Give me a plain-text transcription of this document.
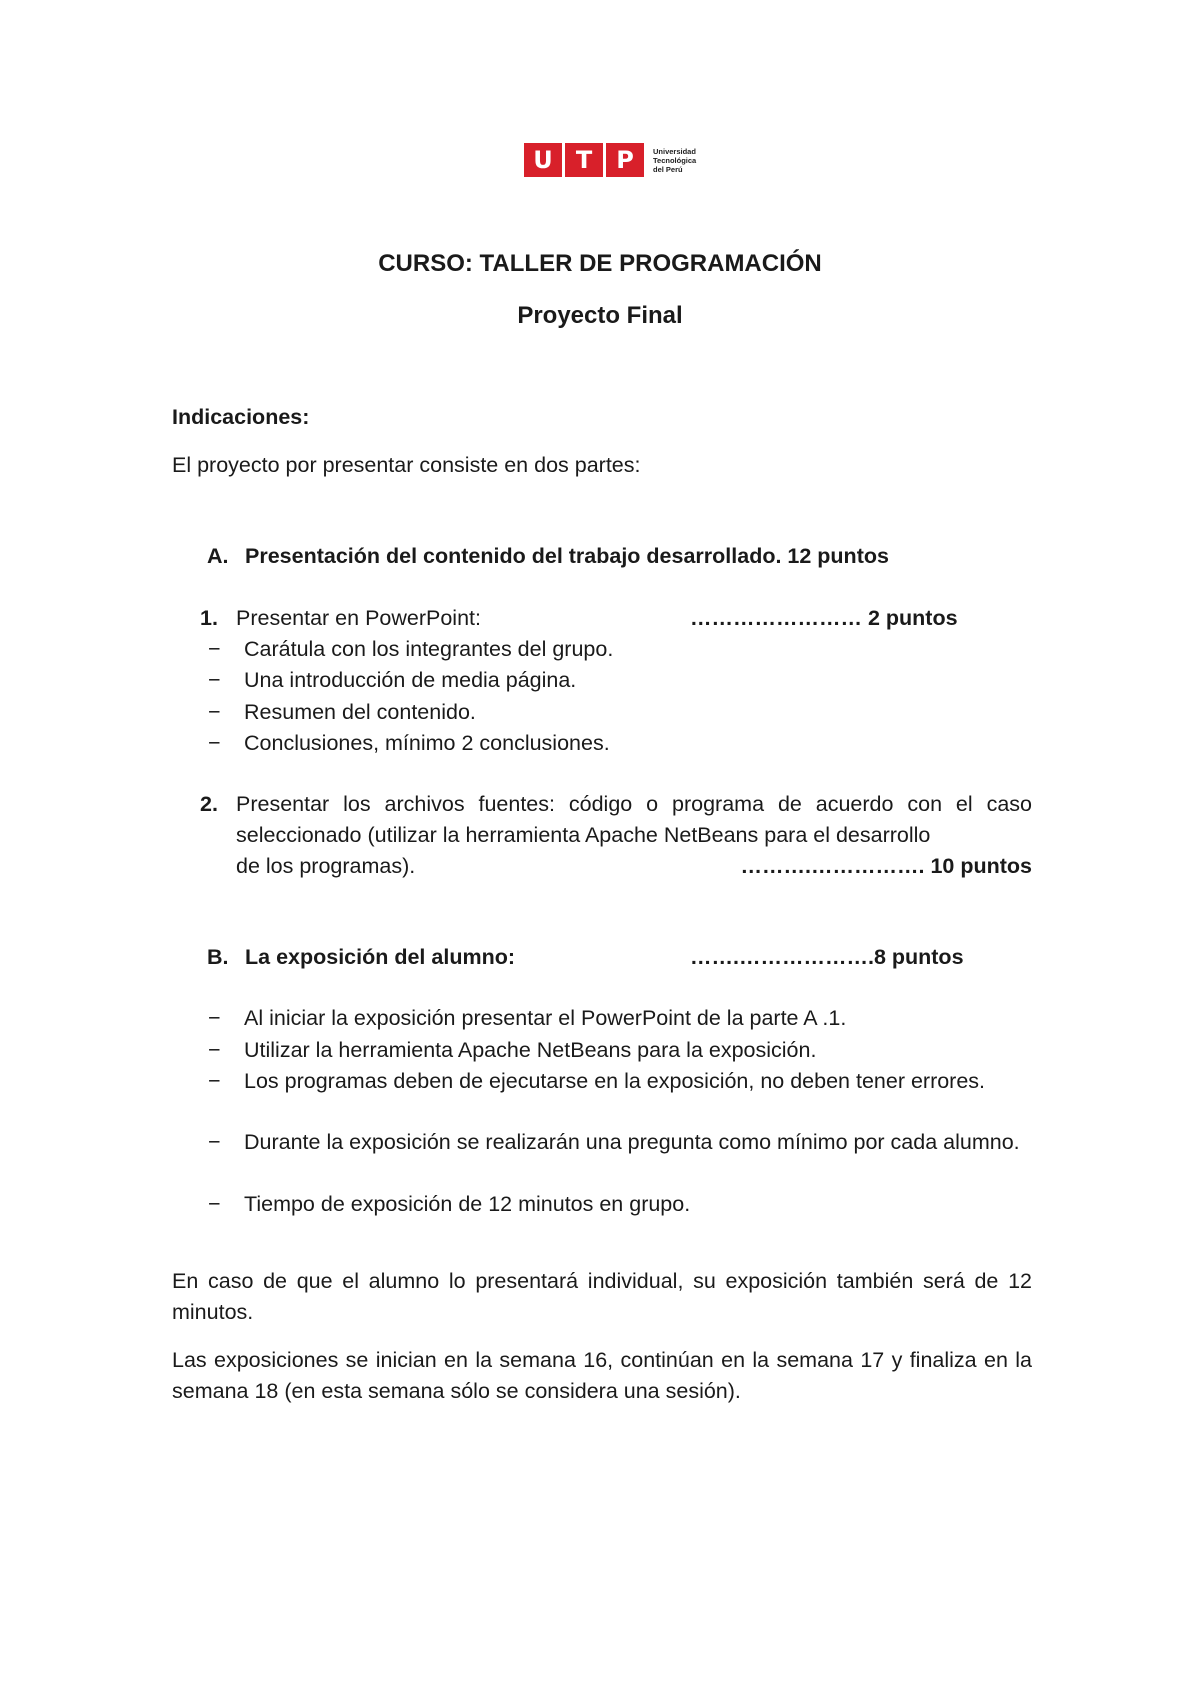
U T	P	Universidad
Tecnológica
del Perú
CURSO: TALLER DE PROGRAMACIÓN
Proyecto Final
Indicaciones:
El proyecto por presentar consiste en dos partes:
A. Presentación del contenido del trabajo desarrollado. 12 puntos
1. Presentar en PowerPoint:	…………………… 2 puntos
− Carátula con los integrantes del grupo.
− Una introducción de media página.
− Resumen del contenido.
− Conclusiones, mínimo 2 conclusiones.
2. Presentar los archivos fuentes: código o programa de acuerdo con el caso seleccionado (utilizar la herramienta Apache NetBeans para el desarrollo
de los programas).	……….……………. 10 puntos
B. La exposición del alumno:	…….……………….8 puntos
− Al iniciar la exposición presentar el PowerPoint de la parte A .1.
− Utilizar la herramienta Apache NetBeans para la exposición.
− Los programas deben de ejecutarse en la exposición, no deben tener errores.
− Durante la exposición se realizarán una pregunta como mínimo por cada alumno.
− Tiempo de exposición de 12 minutos en grupo.
En caso de que el alumno lo presentará individual, su exposición también será de 12 minutos.
Las exposiciones se inician en la semana 16, continúan en la semana 17 y finaliza en la semana 18 (en esta semana sólo se considera una sesión).
